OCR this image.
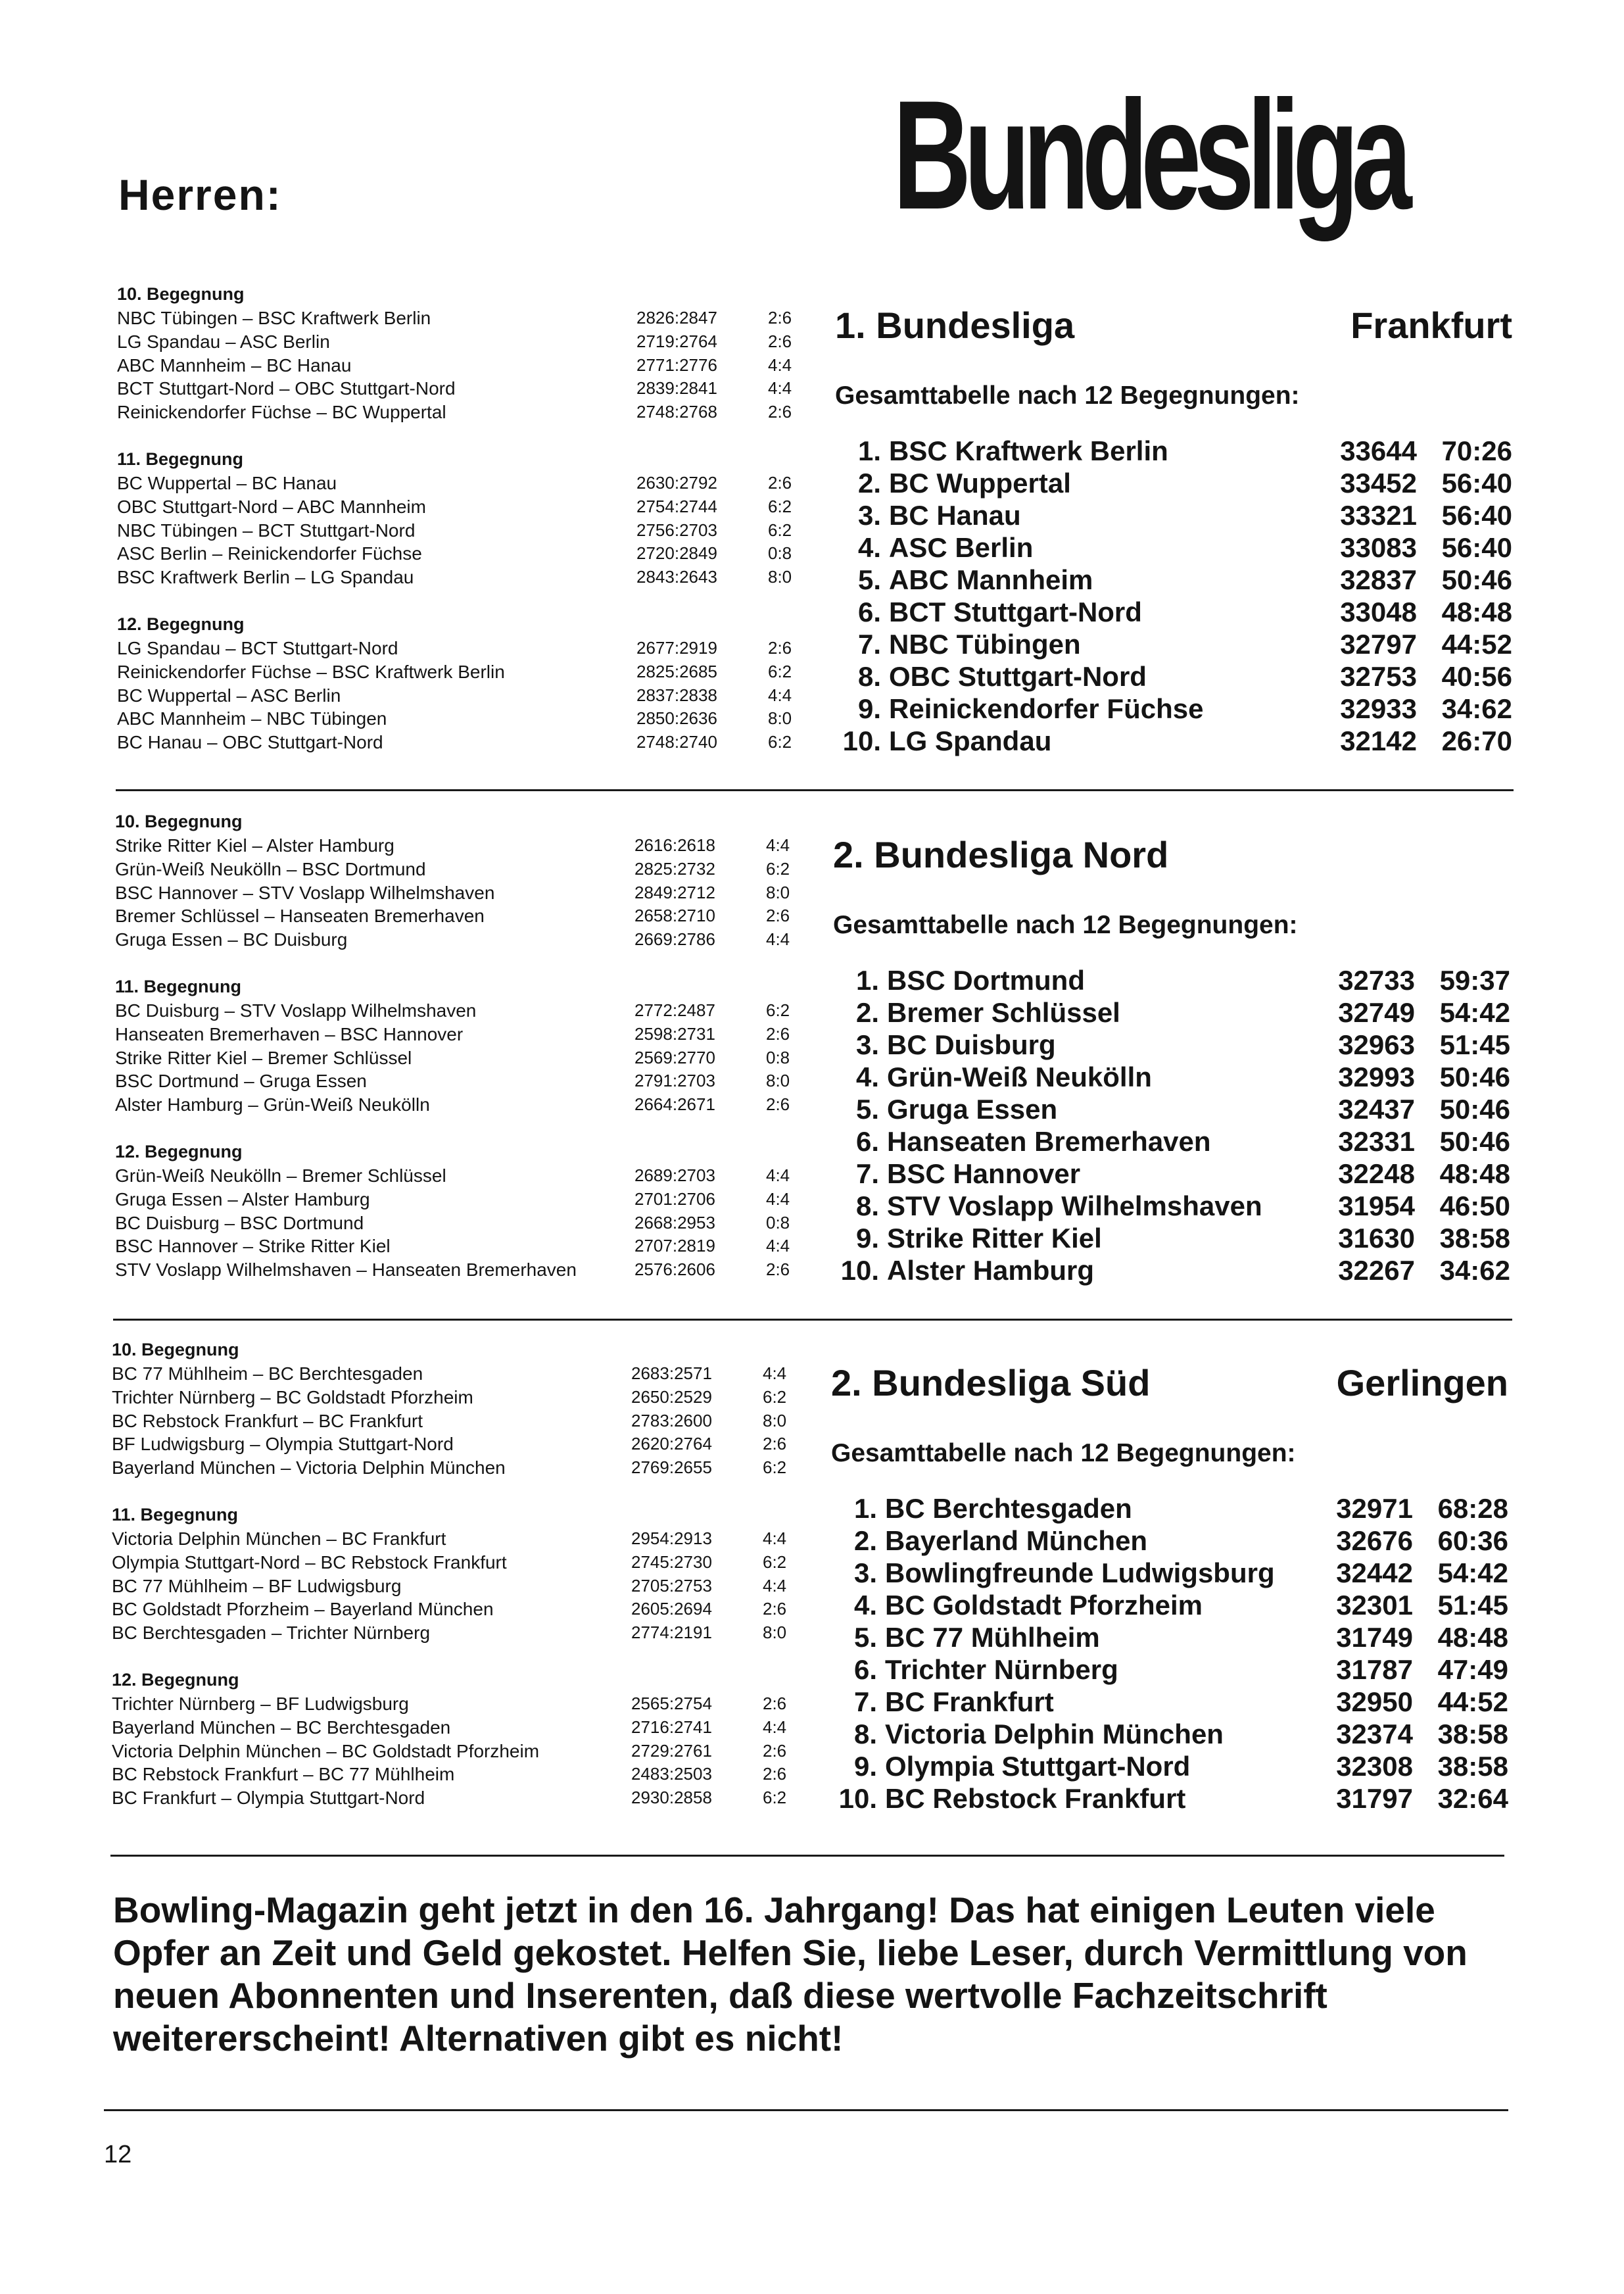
Bundesliga
Herren:
10. Begegnung
NBC Tübingen – BSC Kraftwerk Berlin	2826:2847	2:6
LG Spandau – ASC Berlin	2719:2764	2:6
ABC Mannheim – BC Hanau	2771:2776	4:4
BCT Stuttgart-Nord – OBC Stuttgart-Nord	2839:2841	4:4
Reinickendorfer Füchse – BC Wuppertal	2748:2768	2:6
11. Begegnung
BC Wuppertal – BC Hanau	2630:2792	2:6
OBC Stuttgart-Nord – ABC Mannheim	2754:2744	6:2
NBC Tübingen – BCT Stuttgart-Nord	2756:2703	6:2
ASC Berlin – Reinickendorfer Füchse	2720:2849	0:8
BSC Kraftwerk Berlin – LG Spandau	2843:2643	8:0
12. Begegnung
LG Spandau – BCT Stuttgart-Nord	2677:2919	2:6
Reinickendorfer Füchse – BSC Kraftwerk Berlin	2825:2685	6:2
BC Wuppertal – ASC Berlin	2837:2838	4:4
ABC Mannheim – NBC Tübingen	2850:2636	8:0
BC Hanau – OBC Stuttgart-Nord	2748:2740	6:2
1. Bundesliga	Frankfurt
Gesamttabelle nach 12 Begegnungen:
1. BSC Kraftwerk Berlin	33644 70:26
2. BC Wuppertal	33452 56:40
3. BC Hanau	33321 56:40
4. ASC Berlin	33083 56:40
5. ABC Mannheim	32837 50:46
6. BCT Stuttgart-Nord	33048 48:48
7. NBC Tübingen	32797 44:52
8. OBC Stuttgart-Nord	32753 40:56
9. Reinickendorfer Füchse	32933 34:62
10. LG Spandau	32142 26:70
10. Begegnung
Strike Ritter Kiel – Alster Hamburg	2616:2618	4:4
Grün-Weiß Neukölln – BSC Dortmund	2825:2732	6:2
BSC Hannover – STV Voslapp Wilhelmshaven	2849:2712	8:0
Bremer Schlüssel – Hanseaten Bremerhaven	2658:2710	2:6
Gruga Essen – BC Duisburg	2669:2786	4:4
11. Begegnung
BC Duisburg – STV Voslapp Wilhelmshaven	2772:2487	6:2
Hanseaten Bremerhaven – BSC Hannover	2598:2731	2:6
Strike Ritter Kiel – Bremer Schlüssel	2569:2770	0:8
BSC Dortmund – Gruga Essen	2791:2703	8:0
Alster Hamburg – Grün-Weiß Neukölln	2664:2671	2:6
12. Begegnung
Grün-Weiß Neukölln – Bremer Schlüssel	2689:2703	4:4
Gruga Essen – Alster Hamburg	2701:2706	4:4
BC Duisburg – BSC Dortmund	2668:2953	0:8
BSC Hannover – Strike Ritter Kiel	2707:2819	4:4
STV Voslapp Wilhelmshaven – Hanseaten Bremerhaven	2576:2606	2:6
2. Bundesliga Nord
Gesamttabelle nach 12 Begegnungen:
1. BSC Dortmund	32733 59:37
2. Bremer Schlüssel	32749 54:42
3. BC Duisburg	32963 51:45
4. Grün-Weiß Neukölln	32993 50:46
5. Gruga Essen	32437 50:46
6. Hanseaten Bremerhaven	32331 50:46
7. BSC Hannover	32248 48:48
8. STV Voslapp Wilhelmshaven	31954 46:50
9. Strike Ritter Kiel	31630 38:58
10. Alster Hamburg	32267 34:62
10. Begegnung
BC 77 Mühlheim – BC Berchtesgaden	2683:2571	4:4
Trichter Nürnberg – BC Goldstadt Pforzheim	2650:2529	6:2
BC Rebstock Frankfurt – BC Frankfurt	2783:2600	8:0
BF Ludwigsburg – Olympia Stuttgart-Nord	2620:2764	2:6
Bayerland München – Victoria Delphin München	2769:2655	6:2
11. Begegnung
Victoria Delphin München – BC Frankfurt	2954:2913	4:4
Olympia Stuttgart-Nord – BC Rebstock Frankfurt	2745:2730	6:2
BC 77 Mühlheim – BF Ludwigsburg	2705:2753	4:4
BC Goldstadt Pforzheim – Bayerland München	2605:2694	2:6
BC Berchtesgaden – Trichter Nürnberg	2774:2191	8:0
12. Begegnung
Trichter Nürnberg – BF Ludwigsburg	2565:2754	2:6
Bayerland München – BC Berchtesgaden	2716:2741	4:4
Victoria Delphin München – BC Goldstadt Pforzheim	2729:2761	2:6
BC Rebstock Frankfurt – BC 77 Mühlheim	2483:2503	2:6
BC Frankfurt – Olympia Stuttgart-Nord	2930:2858	6:2
2. Bundesliga Süd	Gerlingen
Gesamttabelle nach 12 Begegnungen:
1. BC Berchtesgaden	32971 68:28
2. Bayerland München	32676 60:36
3. Bowlingfreunde Ludwigsburg	32442 54:42
4. BC Goldstadt Pforzheim	32301 51:45
5. BC 77 Mühlheim	31749 48:48
6. Trichter Nürnberg	31787 47:49
7. BC Frankfurt	32950 44:52
8. Victoria Delphin München	32374 38:58
9. Olympia Stuttgart-Nord	32308 38:58
10. BC Rebstock Frankfurt	31797 32:64
Bowling-Magazin geht jetzt in den 16. Jahrgang! Das hat einigen Leuten viele Opfer an Zeit und Geld gekostet. Helfen Sie, liebe Leser, durch Vermittlung von neuen Abonnenten und Inserenten, daß diese wertvolle Fachzeitschrift weitererscheint! Alternativen gibt es nicht!
12
